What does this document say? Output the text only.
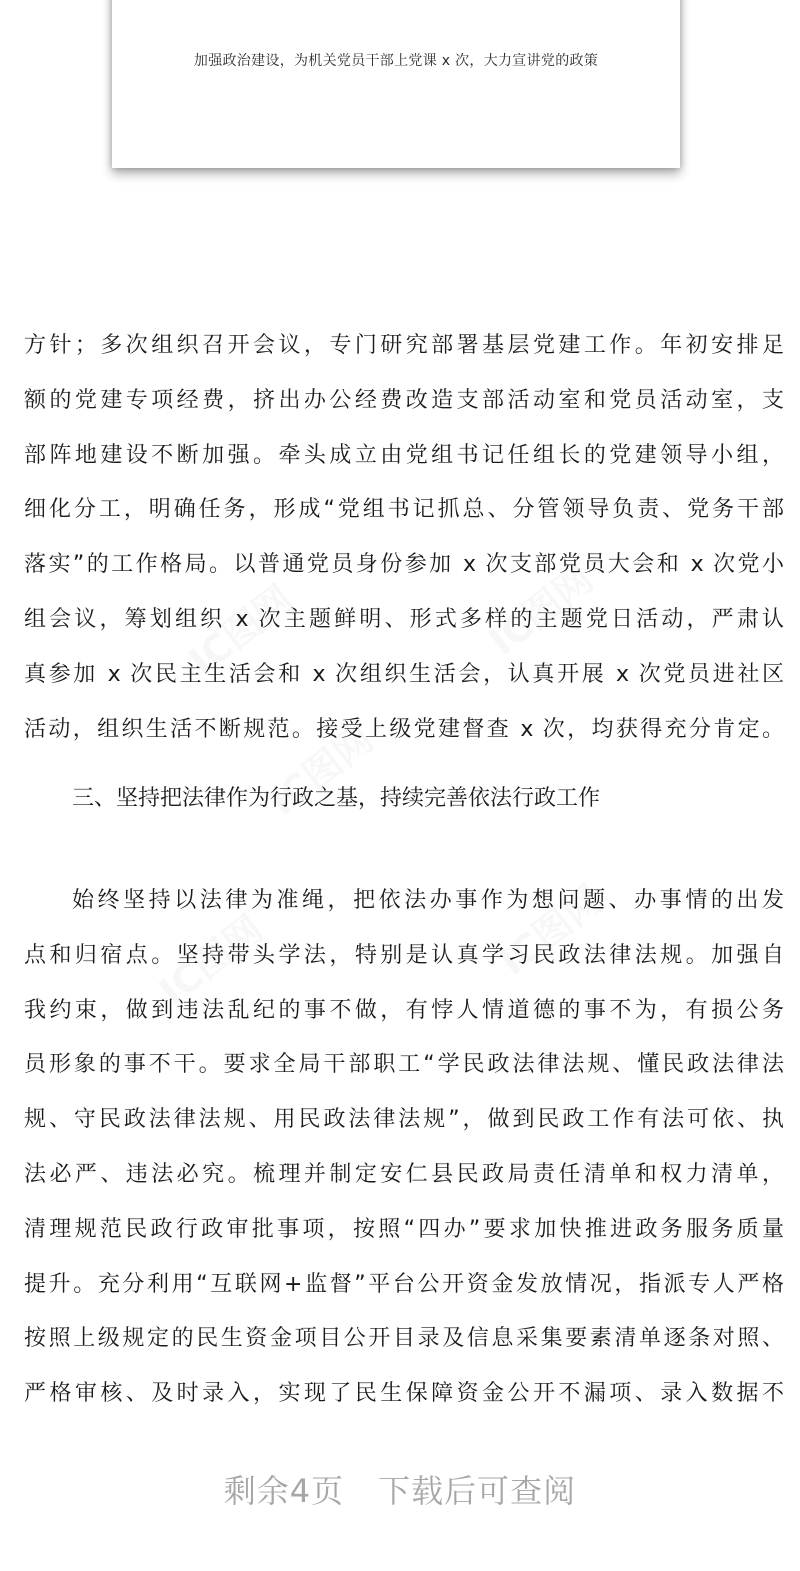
加强政治建设，为机关党员干部上党课 x 次，大力宣讲党的政策
IC图网	IC图网
IC图网
IC图网	IC图网
方针；多次组织召开会议，专门研究部署基层党建工作。年初安排足
额的党建专项经费，挤出办公经费改造支部活动室和党员活动室，支
部阵地建设不断加强。牵头成立由党组书记任组长的党建领导小组，
细化分工，明确任务，形成“党组书记抓总、分管领导负责、党务干部
落实”的工作格局。以普通党员身份参加 x 次支部党员大会和 x 次党小
组会议，筹划组织 x 次主题鲜明、形式多样的主题党日活动，严肃认
真参加 x 次民主生活会和 x 次组织生活会，认真开展 x 次党员进社区
活动，组织生活不断规范。接受上级党建督查 x 次，均获得充分肯定。
三、坚持把法律作为行政之基，持续完善依法行政工作
始终坚持以法律为准绳，把依法办事作为想问题、办事情的出发
点和归宿点。坚持带头学法，特别是认真学习民政法律法规。加强自
我约束，做到违法乱纪的事不做，有悖人情道德的事不为，有损公务
员形象的事不干。要求全局干部职工“学民政法律法规、懂民政法律法
规、守民政法律法规、用民政法律法规”，做到民政工作有法可依、执
法必严、违法必究。梳理并制定安仁县民政局责任清单和权力清单，
清理规范民政行政审批事项，按照“四办”要求加快推进政务服务质量
提升。充分利用“互联网+监督”平台公开资金发放情况，指派专人严格
按照上级规定的民生资金项目公开目录及信息采集要素清单逐条对照、
严格审核、及时录入，实现了民生保障资金公开不漏项、录入数据不
剩余4页 下载后可查阅
